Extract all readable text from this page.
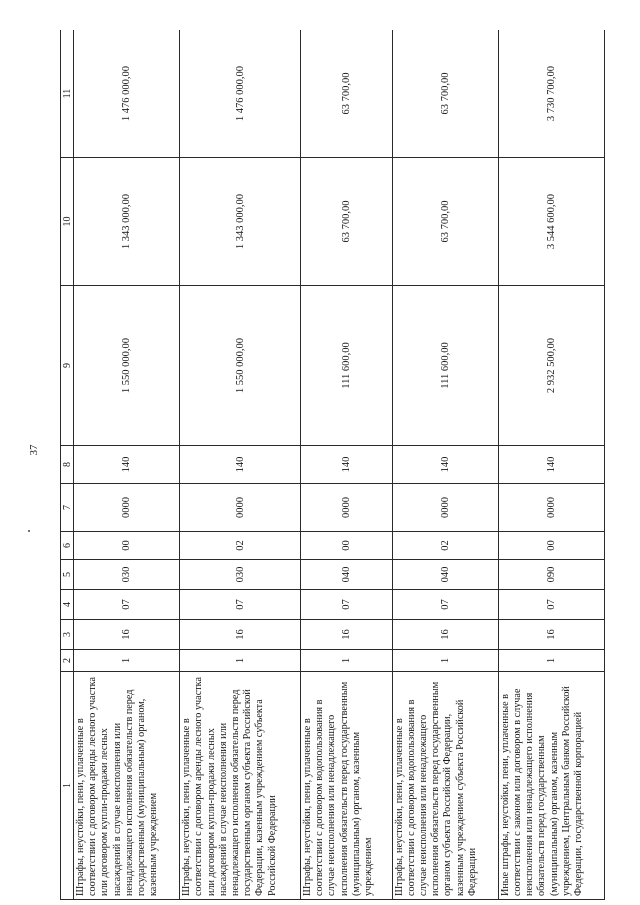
37
1	2	3	4	5	6	7	8	9	10	11
Штрафы, неустойки, пени, уплаченные в соответствии с договором аренды лесного участка или договором купли-продажи лесных насаждений в случае неисполнения или ненадлежащего исполнения обязательств перед государственным (муниципальным) органом, казенным учреждением	1	16	07	030	00	0000	140	1 550 000,00	1 343 000,00	1 476 000,00
Штрафы, неустойки, пени, уплаченные в соответствии с договором аренды лесного участка или договором купли-продажи лесных насаждений в случае неисполнения или ненадлежащего исполнения обязательств перед государственным органом субъекта Российской Федерации, казенным учреждением субъекта Российской Федерации	1	16	07	030	02	0000	140	1 550 000,00	1 343 000,00	1 476 000,00
Штрафы, неустойки, пени, уплаченные в соответствии с договором водопользования в случае неисполнения или ненадлежащего исполнения обязательств перед государственным (муниципальным) органом, казенным учреждением	1	16	07	040	00	0000	140	111 600,00	63 700,00	63 700,00
Штрафы, неустойки, пени, уплаченные в соответствии с договором водопользования в случае неисполнения или ненадлежащего исполнения обязательств перед государственным органом субъекта Российской Федерации, казенным учреждением субъекта Российской Федерации	1	16	07	040	02	0000	140	111 600,00	63 700,00	63 700,00
Иные штрафы, неустойки, пени, уплаченные в соответствии с законом или договором в случае неисполнения или ненадлежащего исполнения обязательств перед государственным (муниципальным) органом, казенным учреждением, Центральным банком Российской Федерации, государственной корпорацией	1	16	07	090	00	0000	140	2 932 500,00	3 544 600,00	3 730 700,00
